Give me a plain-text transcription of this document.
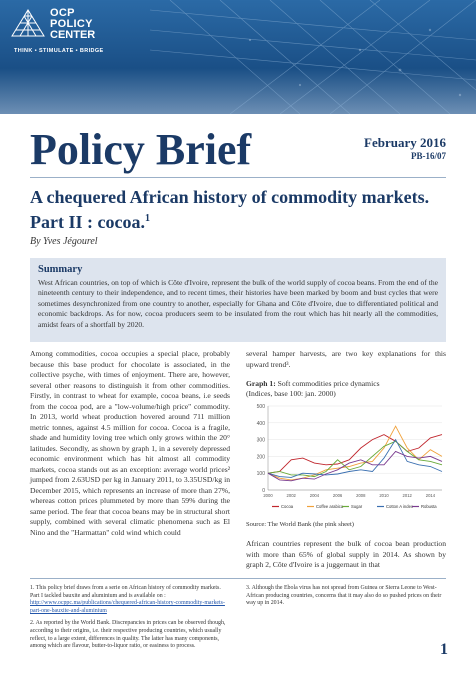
OCP
POLICY
CENTER
THINK • STIMULATE • BRIDGE
Policy Brief	February 2016
PB-16/07
A chequered African history of commodity markets. Part II : cocoa.$^1$
By Yves Jégourel
Summary

West African countries, on top of which is Côte d'Ivoire, represent the bulk of the world supply of cocoa beans. From the end of the nineteenth century to their independence, and to recent times, their histories have been marked by boom and bust cycles that were sometimes desynchronized from one country to another, especially for Ghana and Côte d'Ivoire, due to differentiated political and economic backdrops. As for now, cocoa producers seem to be insulated from the rout which has hit nearly all the commodities, amidst fears of a shortfall by 2020.

Among commodities, cocoa occupies a special place, probably because this base product for chocolate is associated, in the collective psyche, with times of enjoyment. There are, however, several other reasons to distinguish it from other commodities. Firstly, in contrast to wheat for example, cocoa beans, i.e seeds from the cocoa pod, are a "low-volume/high price" commodity. In 2013, world wheat production hovered around 711 million metric tonnes, against 4.5 million for cocoa. Cocoa is a fragile, shade and humidity loving tree which only grows within the 20° latitudes. Secondly, as shown by graph 1, in a severely depressed economic environment which has hit almost all commodity markets, cocoa stands out as an exception: average world prices² jumped from 2.63USD per kg in January 2011, to 3.35USD/kg in December 2015, which represents an increase of more than 27%, whereas cotton prices plummeted by more than 59% during the same period. The fear that cocoa beans may be in structural short supply, combined with several climatic phenomena such as El Nino and the "Harmattan" cold wind which could

several hamper harvests, are two key explanations for this upward trend³.

Graph 1: Soft commodities price dynamics
(Indices, base 100: jan. 2000)
0
100
200
300
400
500
2000	2002	2004	2006	2008	2010	2012	2014
Cocoa	Coffee arabica Sugar	Cotton A index Robusta
Source: The World Bank (the pink sheet)

African countries represent the bulk of cocoa bean production with more than 65% of global supply in 2014. As shown by graph 2, Côte d'Ivoire is a juggernaut in that

1. This policy brief draws from a serie on African history of commodity markets. Part I tackled bauxite and aluminium and is available on : http://www.ocppc.ma/publications/chequered-african-history-commodity-markets-part-one-bauxite-and-aluminium

2. As reported by the World Bank. Discrepancies in prices can be observed though, according to their origins, i.e. their respective producing countries, which usually reflect, to a large extent, differences in quality. The latter has many components, among which are flavour, butter-to-liquor ratio, or easiness to process.

3. Although the Ebola virus has not spread from Guinea or Sierra Leone to West-African producing countries, concerns that it may also do so pushed prices on their way up in 2014.

1
